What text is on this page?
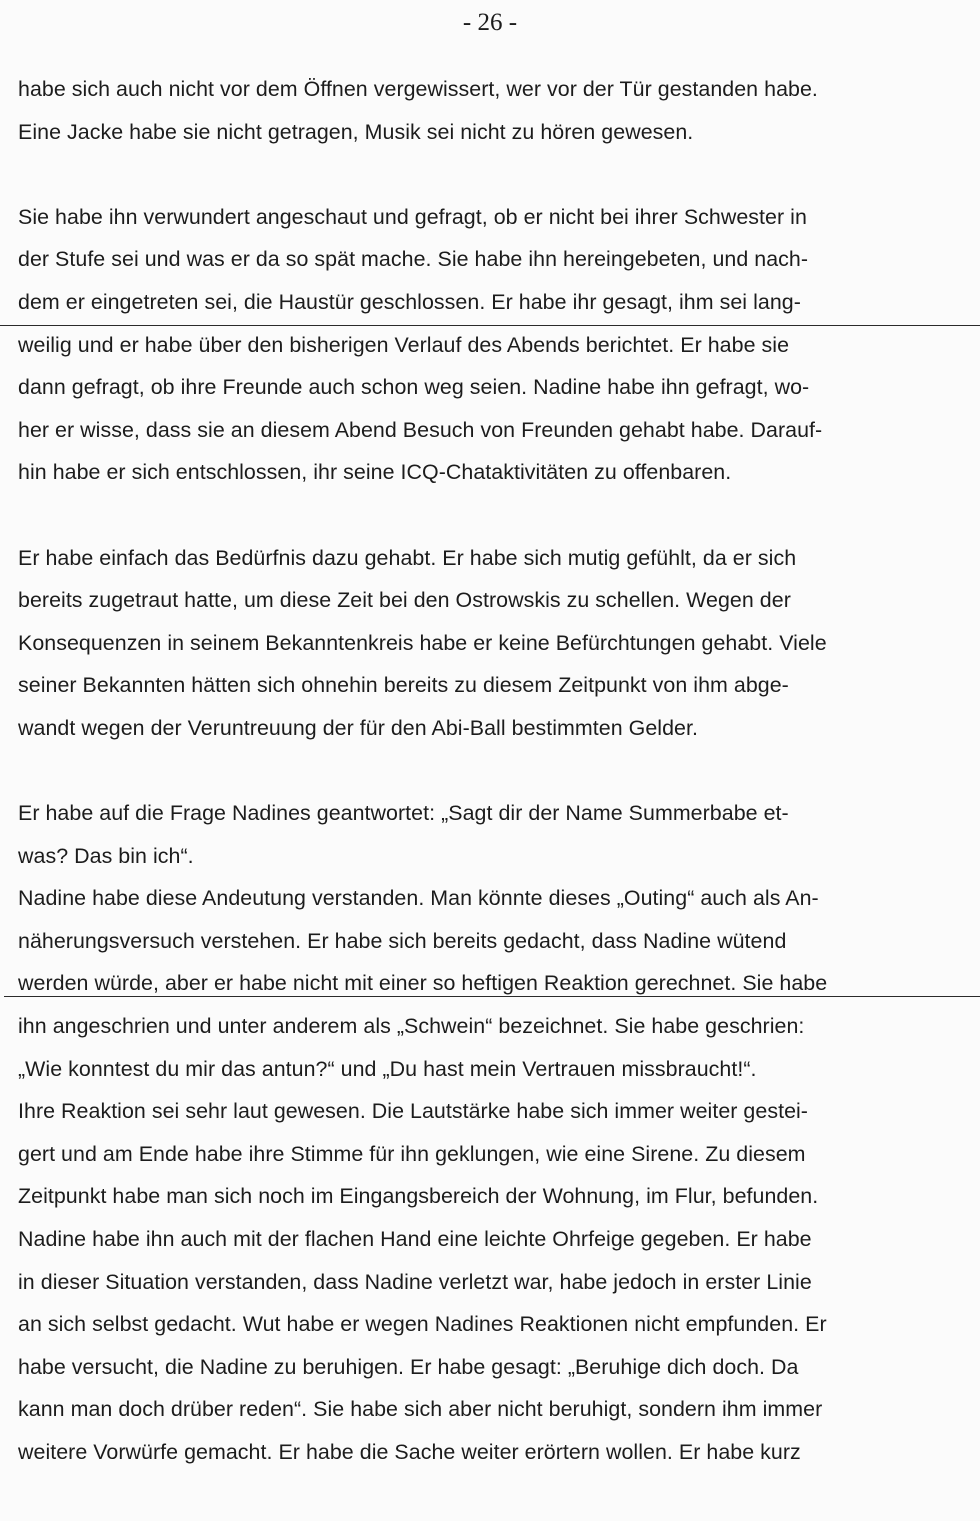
- 26 -
habe sich auch nicht vor dem Öffnen vergewissert, wer vor der Tür gestanden habe.
Eine Jacke habe sie nicht getragen, Musik sei nicht zu hören gewesen.
Sie habe ihn verwundert angeschaut und gefragt, ob er nicht bei ihrer Schwester in
der Stufe sei und was er da so spät mache. Sie habe ihn hereingebeten, und nach-
dem er eingetreten sei, die Haustür geschlossen. Er habe ihr gesagt, ihm sei lang-
weilig und er habe über den bisherigen Verlauf des Abends berichtet. Er habe sie
dann gefragt, ob ihre Freunde auch schon weg seien. Nadine habe ihn gefragt, wo-
her er wisse, dass sie an diesem Abend Besuch von Freunden gehabt habe. Darauf-
hin habe er sich entschlossen, ihr seine ICQ-Chataktivitäten zu offenbaren.
Er habe einfach das Bedürfnis dazu gehabt. Er habe sich mutig gefühlt, da er sich
bereits zugetraut hatte, um diese Zeit bei den Ostrowskis zu schellen. Wegen der
Konsequenzen in seinem Bekanntenkreis habe er keine Befürchtungen gehabt. Viele
seiner Bekannten hätten sich ohnehin bereits zu diesem Zeitpunkt von ihm abge-
wandt wegen der Veruntreuung der für den Abi-Ball bestimmten Gelder.
Er habe auf die Frage Nadines geantwortet: „Sagt dir der Name Summerbabe et-
was? Das bin ich“.
Nadine habe diese Andeutung verstanden. Man könnte dieses „Outing“ auch als An-
näherungsversuch verstehen. Er habe sich bereits gedacht, dass Nadine wütend
werden würde, aber er habe nicht mit einer so heftigen Reaktion gerechnet. Sie habe
ihn angeschrien und unter anderem als „Schwein“ bezeichnet. Sie habe geschrien:
„Wie konntest du mir das antun?“ und „Du hast mein Vertrauen missbraucht!“.
Ihre Reaktion sei sehr laut gewesen. Die Lautstärke habe sich immer weiter gestei-
gert und am Ende habe ihre Stimme für ihn geklungen, wie eine Sirene. Zu diesem
Zeitpunkt habe man sich noch im Eingangsbereich der Wohnung, im Flur, befunden.
Nadine habe ihn auch mit der flachen Hand eine leichte Ohrfeige gegeben. Er habe
in dieser Situation verstanden, dass Nadine verletzt war, habe jedoch in erster Linie
an sich selbst gedacht. Wut habe er wegen Nadines Reaktionen nicht empfunden. Er
habe versucht, die Nadine zu beruhigen. Er habe gesagt: „Beruhige dich doch. Da
kann man doch drüber reden“. Sie habe sich aber nicht beruhigt, sondern ihm immer
weitere Vorwürfe gemacht. Er habe die Sache weiter erörtern wollen. Er habe kurz
